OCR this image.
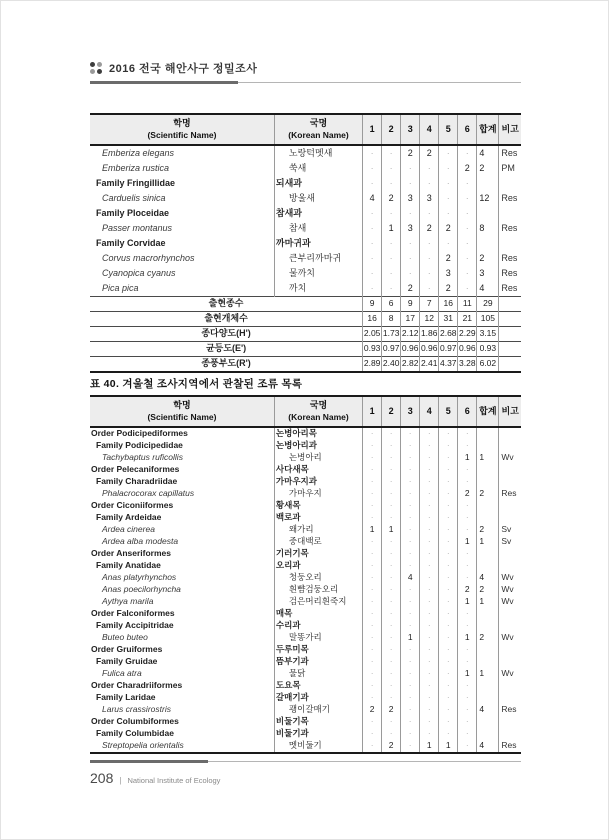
2016 전국 해안사구 정밀조사
학명
(Scientific Name)

국명
(Korean Name)
	1	2	3	4	5	6	합계	비고
Emberiza elegans	노랑턱멧새	·	·	2	2	·	·	4	Res
Emberiza rustica	쑥새	·	·	·	·	·	2	2	PM
Family Fringillidae	되새과	·	·	·	·	·	·		
Carduelis sinica	방울새	4	2	3	3	·	·	12	Res
Family Ploceidae	참새과	·	·	·	·	·	·		
Passer montanus	참새	·	1	3	2	2	·	8	Res
Family Corvidae	까마귀과	·	·	·	·	·	·		
Corvus macrorhynchos	큰부리까마귀	·	·	·	·	2	·	2	Res
Cyanopica cyanus	물까치	·	·	·	·	3	·	3	Res
Pica pica	까치	·	·	2	·	2	·	4	Res
출현종수		9	6	9	7	16	11	29	
출현개체수		16	8	17	12	31	21	105	
종다양도(H')		2.05	1.73	2.12	1.86	2.68	2.29	3.15	
균등도(E')		0.93	0.97	0.96	0.96	0.97	0.96	0.93	
종풍부도(R')		2.89	2.40	2.82	2.41	4.37	3.28	6.02	
표 40. 겨울철 조사지역에서 관찰된 조류 목록
학명
(Scientific Name)

국명
(Korean Name)
	1	2	3	4	5	6	합계	비고
Order Podicipediformes	논병아리목	·	·	·	·	·	·		
Family Podicipedidae	논병아리과	·	·	·	·	·	·		
Tachybaptus ruficollis	논병아리	·	·	·	·	·	1	1	Wv
Order Pelecaniformes	사다새목	·	·	·	·	·	·		
Family Charadriidae	가마우지과	·	·	·	·	·	·		
Phalacrocorax capillatus	가마우지	·	·	·	·	·	2	2	Res
Order Ciconiiformes	황새목	·	·	·	·	·	·		
Family Ardeidae	백로과	·	·	·	·	·	·		
Ardea cinerea	왜가리	1	1	·	·	·	·	2	Sv
Ardea alba modesta	중대백로	·	·	·	·	·	1	1	Sv
Order Anseriformes	기러기목	·	·	·	·	·	·		
Family Anatidae	오리과	·	·	·	·	·	·		
Anas platyrhynchos	청둥오리	·	·	4	·	·	·	4	Wv
Anas poecilorhyncha	흰뺨검둥오리	·	·	·	·	·	2	2	Wv
Aythya marila	검은머리흰죽지	·	·	·	·	·	1	1	Wv
Order Falconiformes	매목	·	·	·	·	·	·		
Family Accipitridae	수리과	·	·	·	·	·	·		
Buteo buteo	말똥가리	·	·	1	·	·	1	2	Wv
Order Gruiformes	두루미목	·	·	·	·	·	·		
Family Gruidae	뜸부기과	·	·	·	·	·	·		
Fulica atra	물닭	·	·	·	·	·	1	1	Wv
Order Charadriiformes	도요목	·	·	·	·	·	·		
Family Laridae	갈매기과	·	·	·	·	·	·		
Larus crassirostris	괭이갈매기	2	2	·	·	·	·	4	Res
Order Columbiformes	비둘기목	·	·	·	·	·	·		
Family Columbidae	비둘기과	·	·	·	·	·	·		
Streptopelia orientalis	멧비둘기	·	2	·	1	1	·	4	Res
208 | National Institute of Ecology
